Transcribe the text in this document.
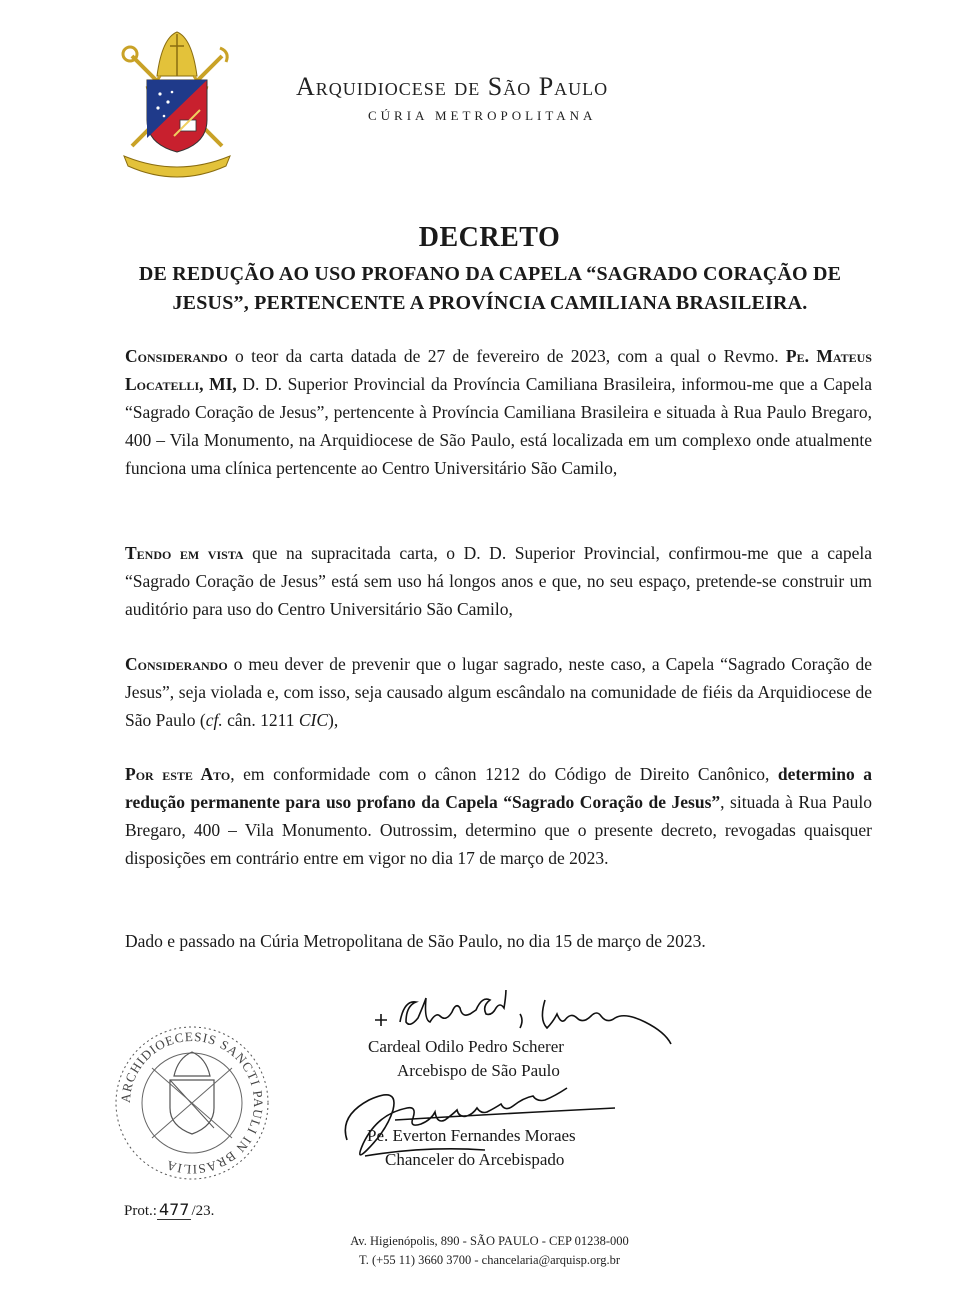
Arquidiocese de São Paulo
CÚRIA METROPOLITANA
DECRETO
DE REDUÇÃO AO USO PROFANO DA CAPELA “SAGRADO CORAÇÃO DE JESUS”, PERTENCENTE A PROVÍNCIA CAMILIANA BRASILEIRA.

Considerando o teor da carta datada de 27 de fevereiro de 2023, com a qual o Revmo. Pe. Mateus Locatelli, MI, D. D. Superior Provincial da Província Camiliana Brasileira, informou-me que a Capela “Sagrado Coração de Jesus”, pertencente à Província Camiliana Brasileira e situada à Rua Paulo Bregaro, 400 – Vila Monumento, na Arquidiocese de São Paulo, está localizada em um complexo onde atualmente funciona uma clínica pertencente ao Centro Universitário São Camilo,

Tendo em vista que na supracitada carta, o D. D. Superior Provincial, confirmou-me que a capela “Sagrado Coração de Jesus” está sem uso há longos anos e que, no seu espaço, pretende-se construir um auditório para uso do Centro Universitário São Camilo,

Considerando o meu dever de prevenir que o lugar sagrado, neste caso, a Capela “Sagrado Coração de Jesus”, seja violada e, com isso, seja causado algum escândalo na comunidade de fiéis da Arquidiocese de São Paulo (cf. cân. 1211 CIC),

Por este Ato, em conformidade com o cânon 1212 do Código de Direito Canônico, determino a redução permanente para uso profano da Capela “Sagrado Coração de Jesus”, situada à Rua Paulo Bregaro, 400 – Vila Monumento. Outrossim, determino que o presente decreto, revogadas quaisquer disposições em contrário entre em vigor no dia 17 de março de 2023.

Dado e passado na Cúria Metropolitana de São Paulo, no dia 15 de março de 2023.

ARCHIDIOECESIS SANCTI PAULI IN BRASILIA
Cardeal Odilo Pedro Scherer
Arcebispo de São Paulo
Pe. Everton Fernandes Moraes
Chanceler do Arcebispado
Prot.: 477 /23.
Av. Higienópolis, 890 - SÃO PAULO - CEP 01238-000
T. (+55 11) 3660 3700 - chancelaria@arquisp.org.br
